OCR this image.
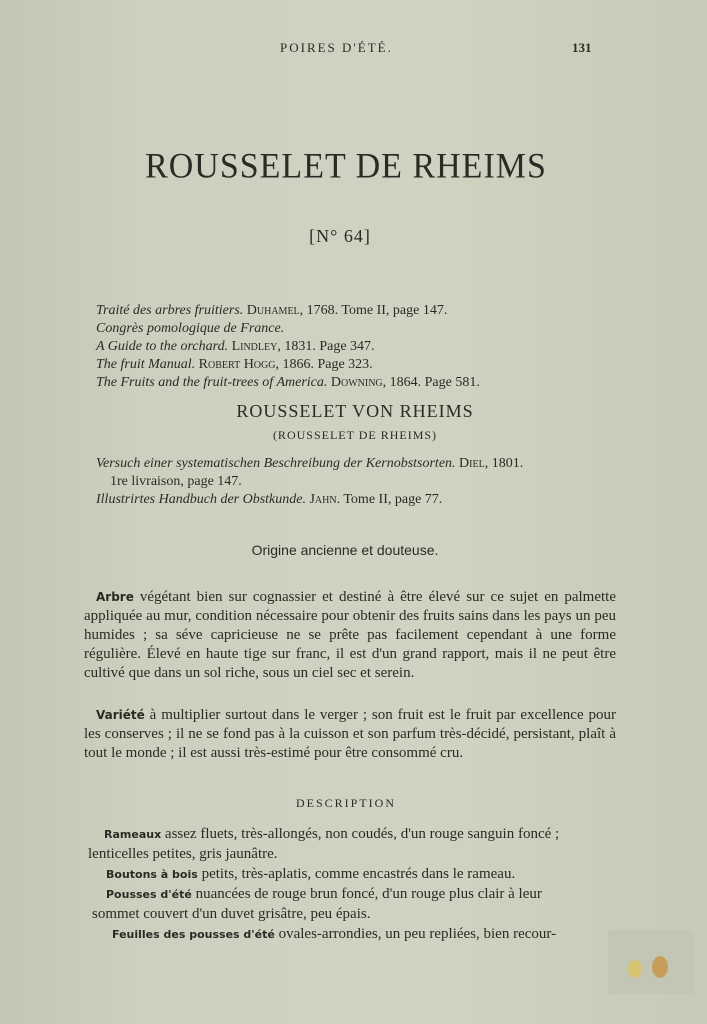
POIRES D'ÉTÉ.	131
ROUSSELET DE RHEIMS
[N° 64]
Traité des arbres fruitiers. Duhamel, 1768. Tome II, page 147.
Congrès pomologique de France.
A Guide to the orchard. Lindley, 1831. Page 347.
The fruit Manual. Robert Hogg, 1866. Page 323.
The Fruits and the fruit-trees of America. Downing, 1864. Page 581.
ROUSSELET VON RHEIMS
(ROUSSELET DE RHEIMS)
Versuch einer systematischen Beschreibung der Kernobstsorten. Diel, 1801.
1re livraison, page 147.
Illustrirtes Handbuch der Obstkunde. Jahn. Tome II, page 77.
Origine ancienne et douteuse.
Arbre végétant bien sur cognassier et destiné à être élevé sur ce sujet en palmette appliquée au mur, condition nécessaire pour obtenir des fruits sains dans les pays un peu humides ; sa séve capricieuse ne se prête pas facilement cependant à une forme régulière. Élevé en haute tige sur franc, il est d'un grand rapport, mais il ne peut être cultivé que dans un sol riche, sous un ciel sec et serein.
Variété à multiplier surtout dans le verger ; son fruit est le fruit par excellence pour les conserves ; il ne se fond pas à la cuisson et son parfum très-décidé, persistant, plaît à tout le monde ; il est aussi très-estimé pour être consommé cru.
DESCRIPTION
Rameaux assez fluets, très-allongés, non coudés, d'un rouge sanguin foncé ;
lenticelles petites, gris jaunâtre.
Boutons à bois petits, très-aplatis, comme encastrés dans le rameau.
Pousses d'été nuancées de rouge brun foncé, d'un rouge plus clair à leur
sommet couvert d'un duvet grisâtre, peu épais.
Feuilles des pousses d'été ovales-arrondies, un peu repliées, bien recour-
